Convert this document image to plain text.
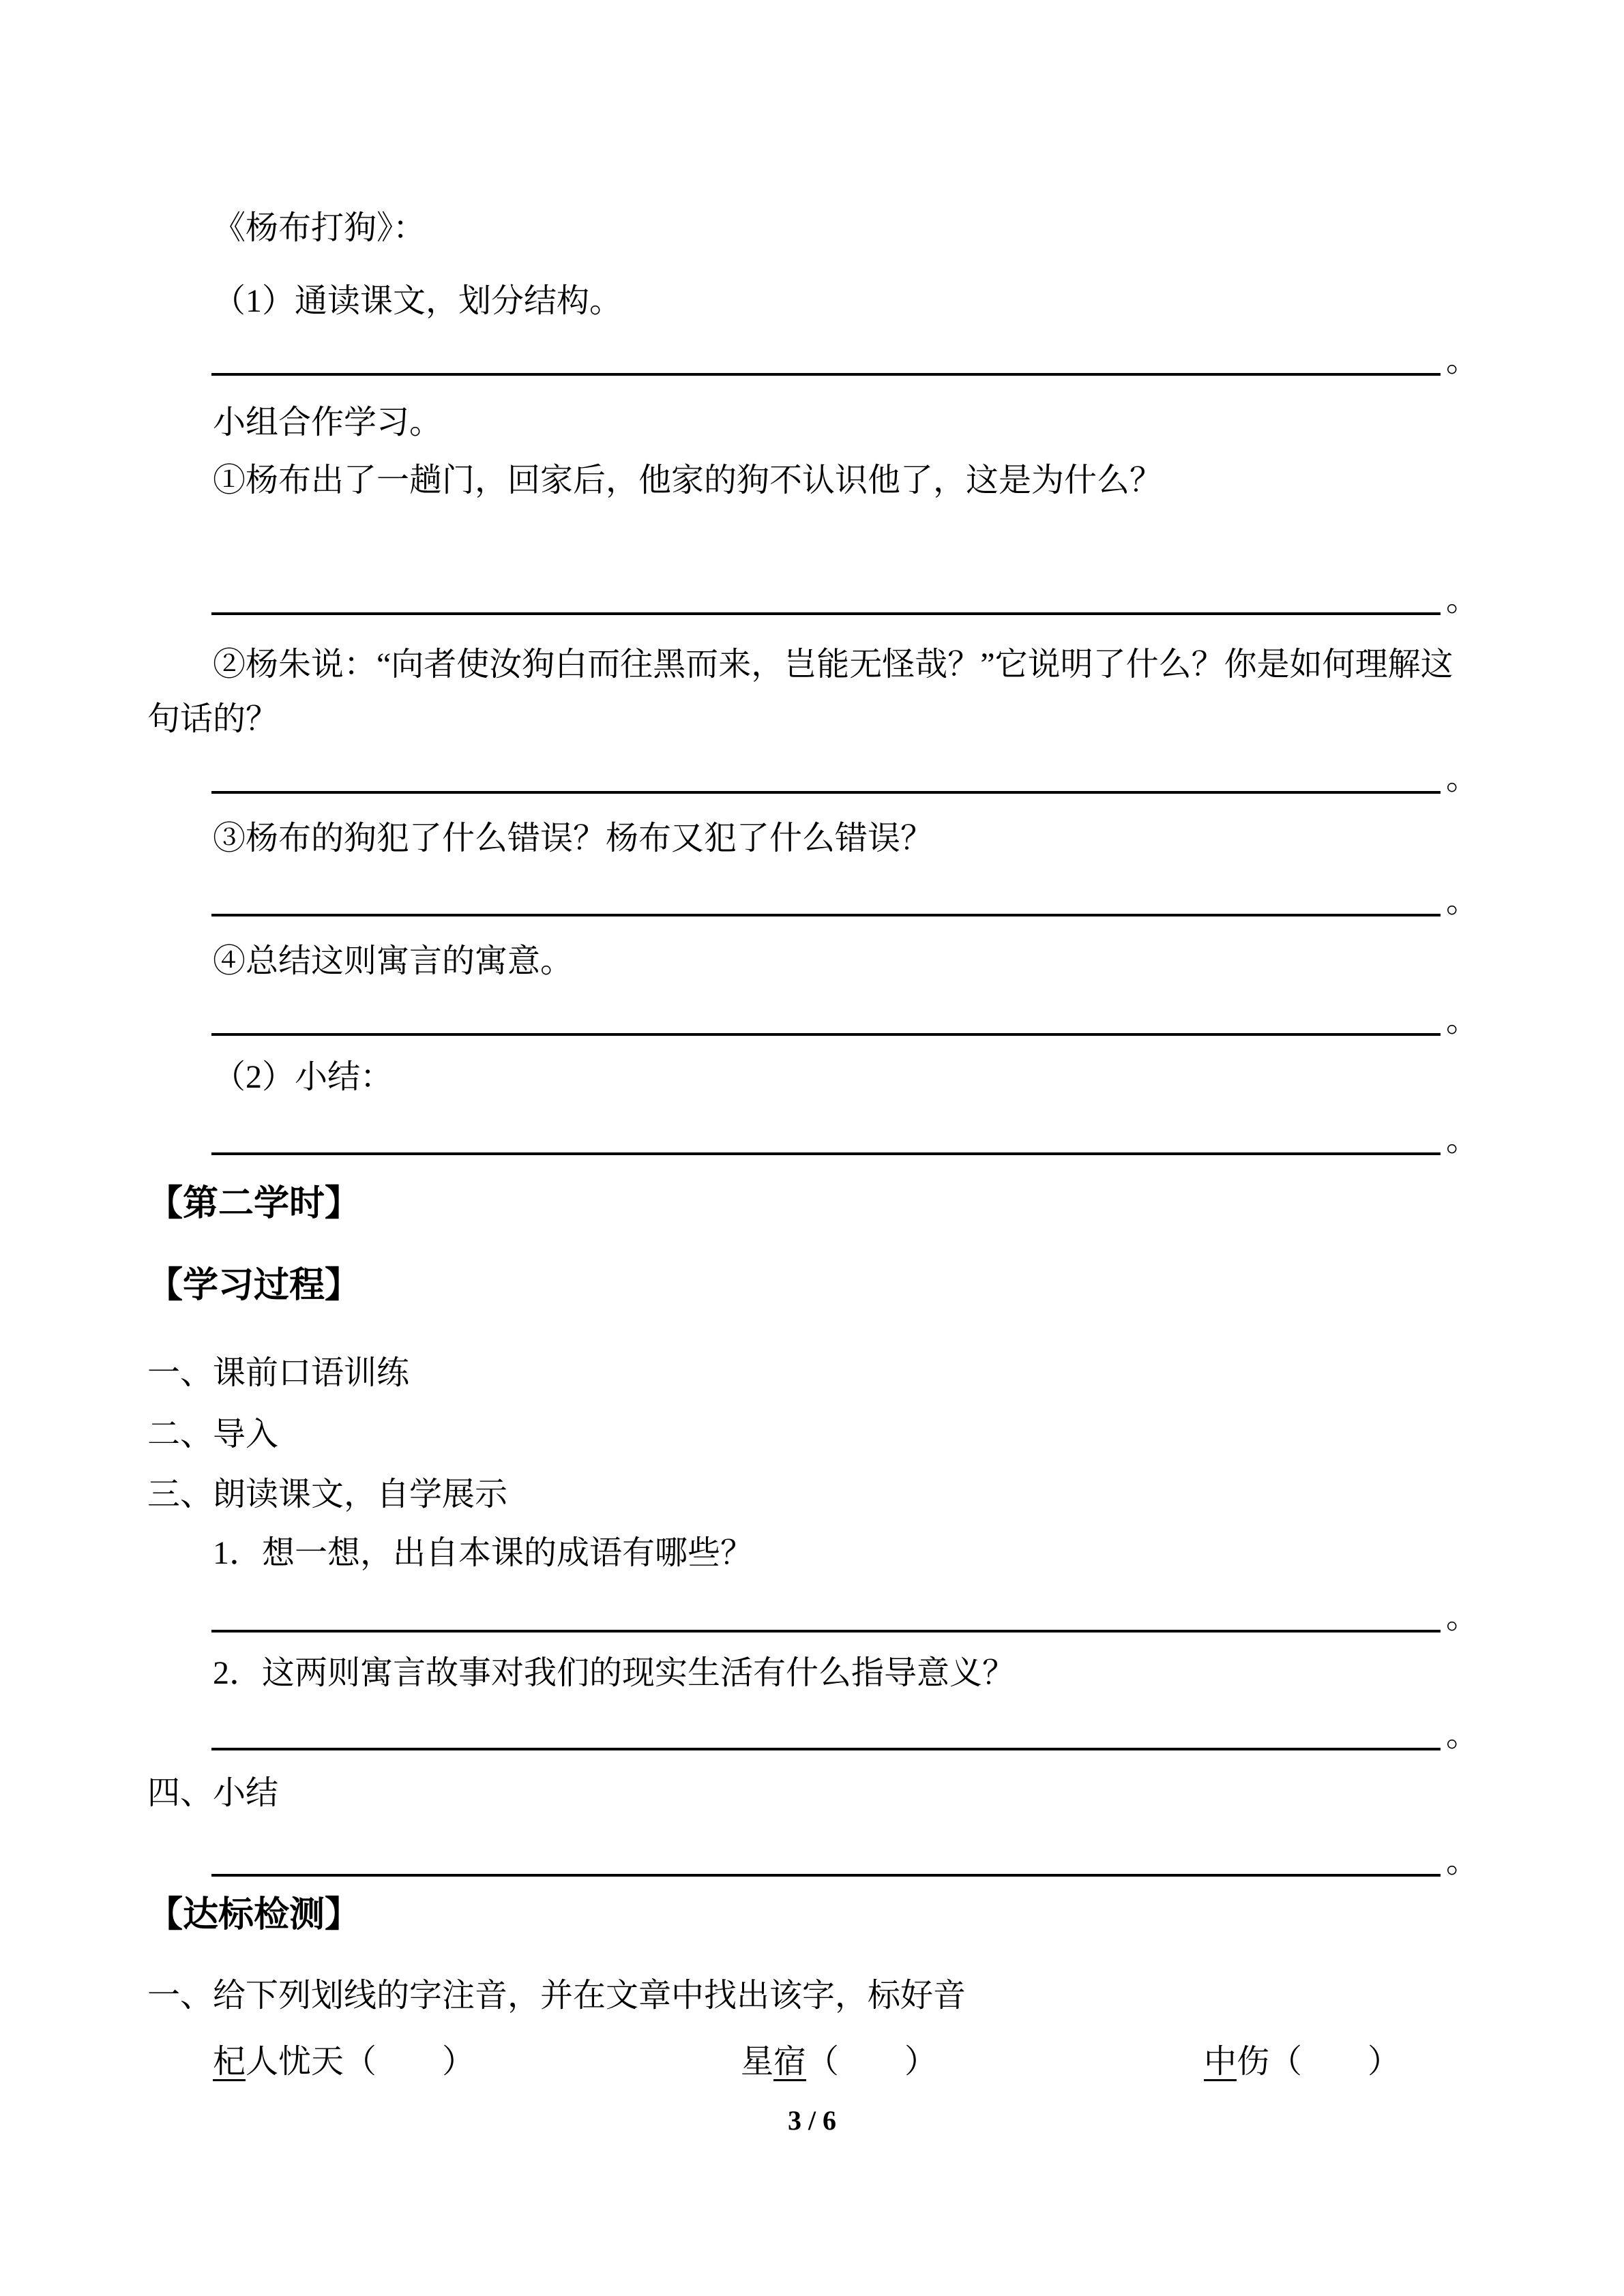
《杨布打狗》：

（1）通读课文，划分结构。

。

小组合作学习。

①杨布出了一趟门，回家后，他家的狗不认识他了，这是为什么？

。

②杨朱说：“向者使汝狗白而往黑而来，岂能无怪哉？”它说明了什么？你是如何理解这句话的？

。

③杨布的狗犯了什么错误？杨布又犯了什么错误？

。

④总结这则寓言的寓意。

。

（2）小结：

。

【第二学时】

【学习过程】

一、课前口语训练

二、导入

三、朗读课文，自学展示

1．想一想，出自本课的成语有哪些？

。

2．这两则寓言故事对我们的现实生活有什么指导意义？

。

四、小结

。

【达标检测】

一、给下列划线的字注音，并在文章中找出该字，标好音

杞人忧天（　　）	星宿（　　）	中伤（　　）
3 / 6
